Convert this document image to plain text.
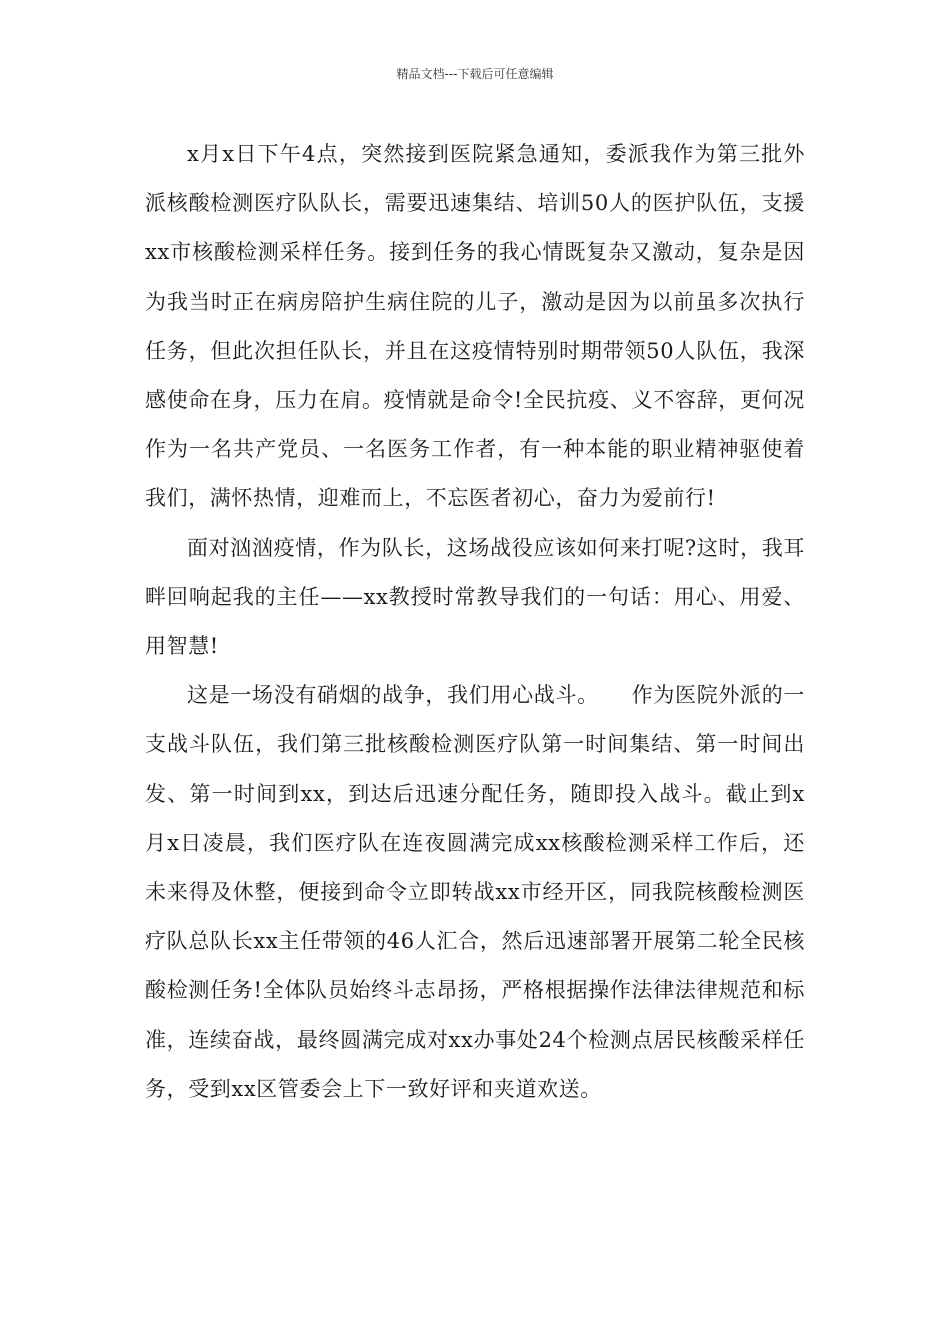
精品文档---下载后可任意编辑

x月x日下午4点，突然接到医院紧急通知，委派我作为第三批外派核酸检测医疗队队长，需要迅速集结、培训50人的医护队伍，支援xx市核酸检测采样任务。接到任务的我心情既复杂又激动，复杂是因为我当时正在病房陪护生病住院的儿子，激动是因为以前虽多次执行任务，但此次担任队长，并且在这疫情特别时期带领50人队伍，我深感使命在身，压力在肩。疫情就是命令!全民抗疫、义不容辞，更何况作为一名共产党员、一名医务工作者，有一种本能的职业精神驱使着我们，满怀热情，迎难而上，不忘医者初心，奋力为爱前行!

面对汹汹疫情，作为队长，这场战役应该如何来打呢?这时，我耳畔回响起我的主任——xx教授时常教导我们的一句话：用心、用爱、用智慧!

这是一场没有硝烟的战争，我们用心战斗。　　作为医院外派的一支战斗队伍，我们第三批核酸检测医疗队第一时间集结、第一时间出发、第一时间到xx，到达后迅速分配任务，随即投入战斗。截止到x月x日凌晨，我们医疗队在连夜圆满完成xx核酸检测采样工作后，还未来得及休整，便接到命令立即转战xx市经开区，同我院核酸检测医疗队总队长xx主任带领的46人汇合，然后迅速部署开展第二轮全民核酸检测任务!全体队员始终斗志昂扬，严格根据操作法律法律规范和标准，连续奋战，最终圆满完成对xx办事处24个检测点居民核酸采样任务，受到xx区管委会上下一致好评和夹道欢送。
